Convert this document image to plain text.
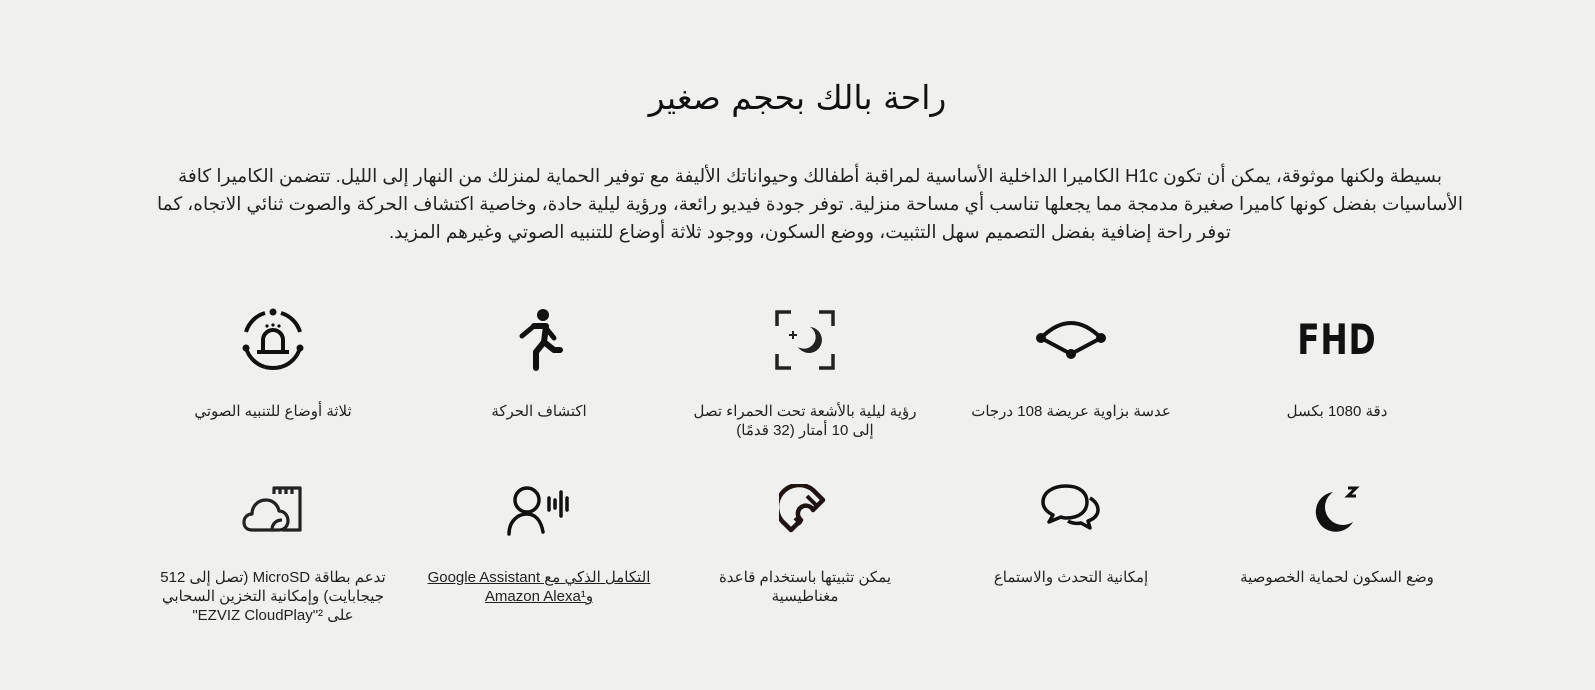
راحة بالك بحجم صغير

بسيطة ولكنها موثوقة، يمكن أن تكون H1c الكاميرا الداخلية الأساسية لمراقبة أطفالك وحيواناتك الأليفة مع توفير الحماية لمنزلك من النهار إلى الليل. تتضمن الكاميرا كافة الأساسيات بفضل كونها كاميرا صغيرة مدمجة مما يجعلها تناسب أي مساحة منزلية. توفر جودة فيديو رائعة، ورؤية ليلية حادة، وخاصية اكتشاف الحركة والصوت ثنائي الاتجاه، كما توفر راحة إضافية بفضل التصميم سهل التثبيت، ووضع السكون، ووجود ثلاثة أوضاع للتنبيه الصوتي وغيرهم المزيد.

FHD
دقة 1080 بكسل
عدسة بزاوية عريضة 108 درجات
رؤية ليلية بالأشعة تحت الحمراء تصل إلى 10 أمتار (32 قدمًا)
اكتشاف الحركة
ثلاثة أوضاع للتنبيه الصوتي
وضع السكون لحماية الخصوصية
إمكانية التحدث والاستماع
يمكن تثبيتها باستخدام قاعدة مغناطيسية
التكامل الذكي مع Google Assistant وAmazon Alexa¹
تدعم بطاقة MicroSD (تصل إلى 512 جيجابايت) وإمكانية التخزين السحابي على EZVIZ CloudPlay"²"
